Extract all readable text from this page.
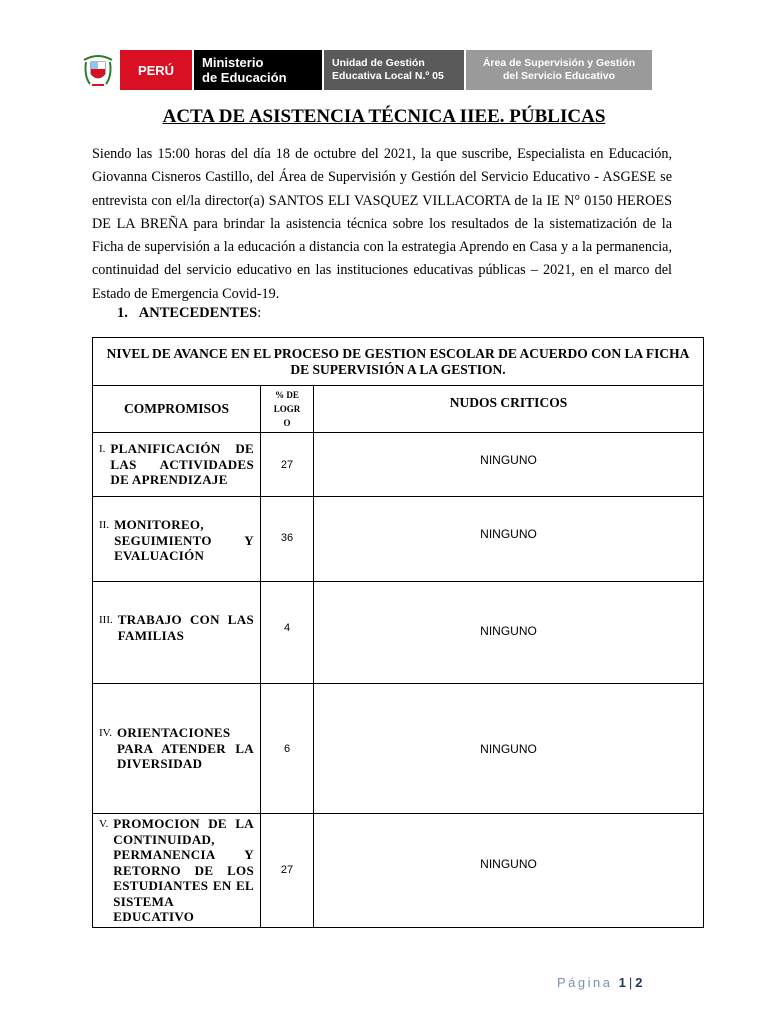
PERÚ	Ministerio
de Educación
Unidad de Gestión
Educativa Local N.º 05
Área de Supervisión y Gestión
del Servicio Educativo
ACTA DE ASISTENCIA TÉCNICA IIEE. PÚBLICAS
Siendo las 15:00 horas del día 18 de octubre del 2021, la que suscribe, Especialista en Educación, Giovanna Cisneros Castillo, del Área de Supervisión y Gestión del Servicio Educativo - ASGESE se entrevista con el/la director(a) SANTOS ELI VASQUEZ VILLACORTA de la IE N° 0150 HEROES DE LA BREÑA para brindar la asistencia técnica sobre los resultados de la sistematización de la Ficha de supervisión a la educación a distancia con la estrategia Aprendo en Casa y a la permanencia, continuidad del servicio educativo en las instituciones educativas públicas – 2021, en el marco del Estado de Emergencia Covid-19.
1. ANTECEDENTES:
NIVEL DE AVANCE EN EL PROCESO DE GESTION ESCOLAR DE ACUERDO CON LA FICHA DE SUPERVISIÓN A LA GESTION.		
COMPROMISOS	% DE
LOGR
O	NUDOS CRITICOS

I. PLANIFICACIÓN DE LAS ACTIVIDADES DE APRENDIZAJE	27	NINGUNO

II. MONITOREO, SEGUIMIENTO Y EVALUACIÓN	36	NINGUNO

III. TRABAJO CON LAS FAMILIAS	4	NINGUNO

IV. ORIENTACIONES PARA ATENDER LA DIVERSIDAD	6	NINGUNO

V. PROMOCION DE LA CONTINUIDAD, PERMANENCIA Y RETORNO DE LOS ESTUDIANTES EN EL SISTEMA EDUCATIVO	27	NINGUNO
Página 1 | 2
